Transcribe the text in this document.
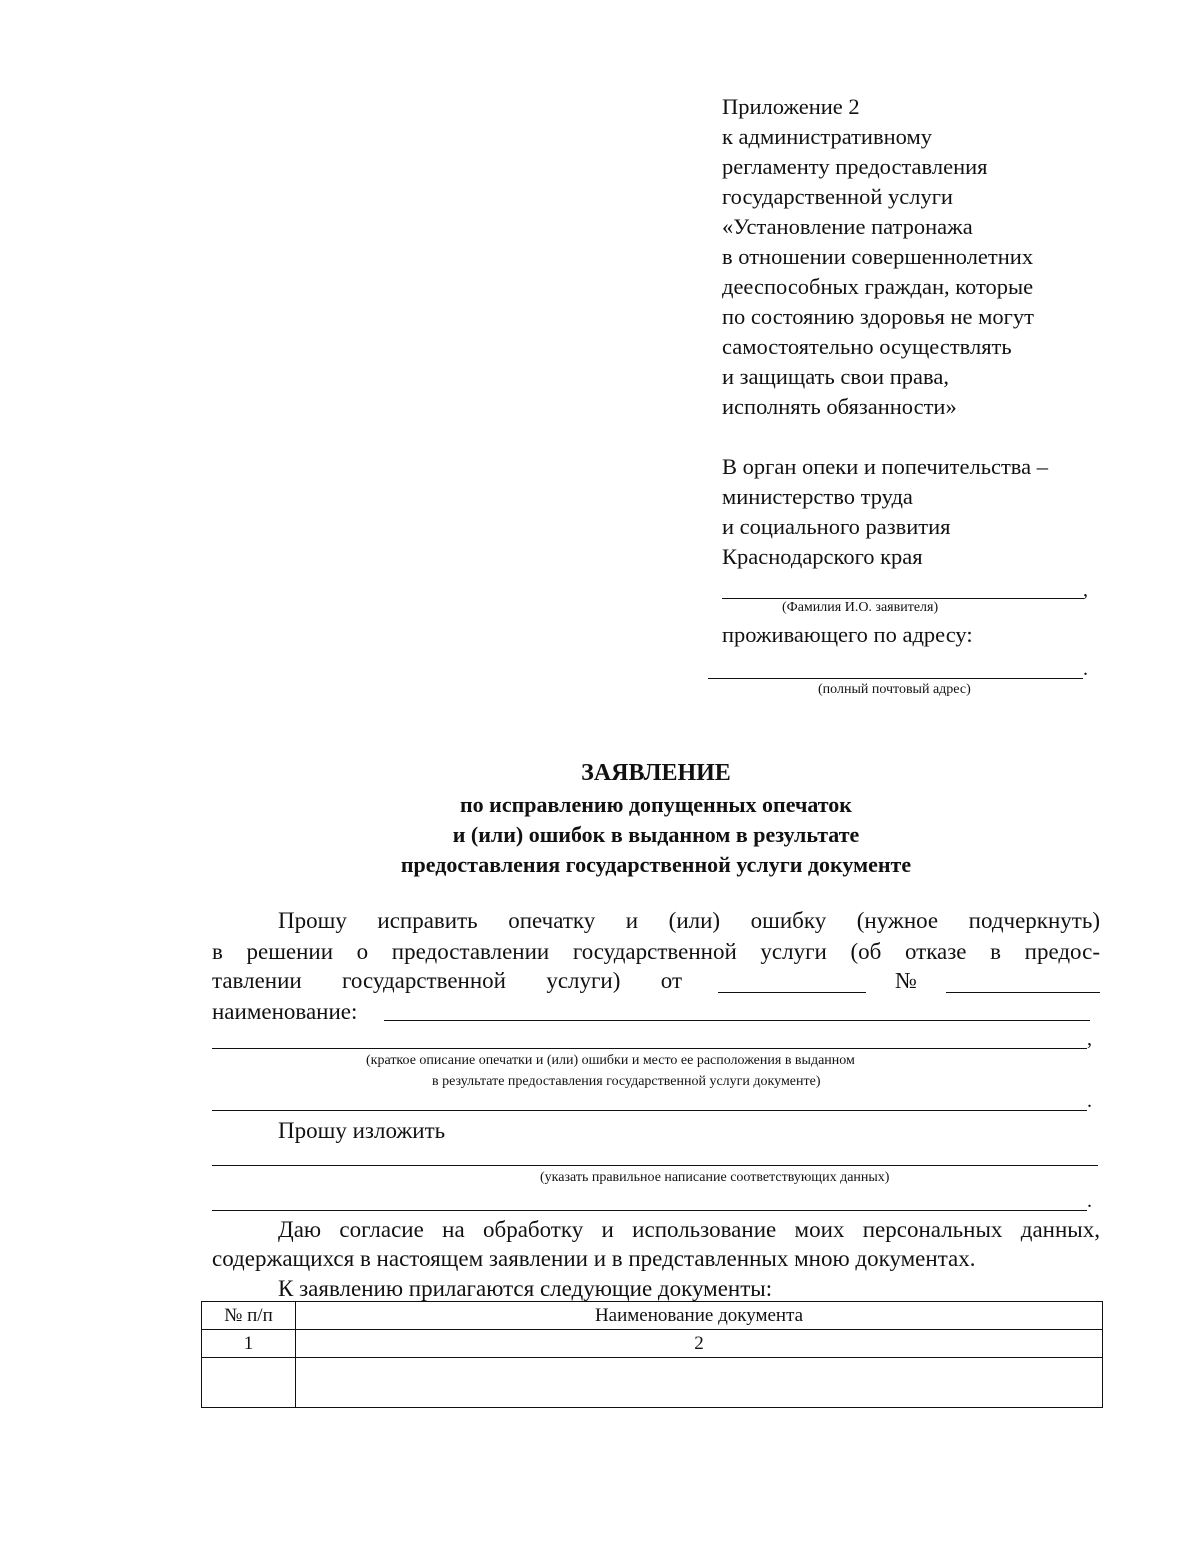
Приложение 2
к административному
регламенту предоставления
государственной услуги
«Установление патронажа
в отношении совершеннолетних
дееспособных граждан, которые
по состоянию здоровья не могут
самостоятельно осуществлять
и защищать свои права,
исполнять обязанности»
В орган опеки и попечительства –
министерство труда
и социального развития
Краснодарского края
,
(Фамилия И.О. заявителя)
проживающего по адресу:
.
(полный почтовый адрес)
ЗАЯВЛЕНИЕ
по исправлению допущенных опечаток
и (или) ошибок в выданном в результате
предоставления государственной услуги документе
Прошу исправить опечатку и (или) ошибку (нужное подчеркнуть)
в решении о предоставлении государственной услуги (об отказе в предос-
тавлении государственной услуги) от	№
наименование:
,
(краткое описание опечатки и (или) ошибки и место ее расположения в выданном
в результате предоставления государственной услуги документе)
.
Прошу изложить
(указать правильное написание соответствующих данных)
.
Даю согласие на обработку и использование моих персональных данных,
содержащихся в настоящем заявлении и в представленных мною документах.
К заявлению прилагаются следующие документы:
№ п/п	Наименование документа
1	2
